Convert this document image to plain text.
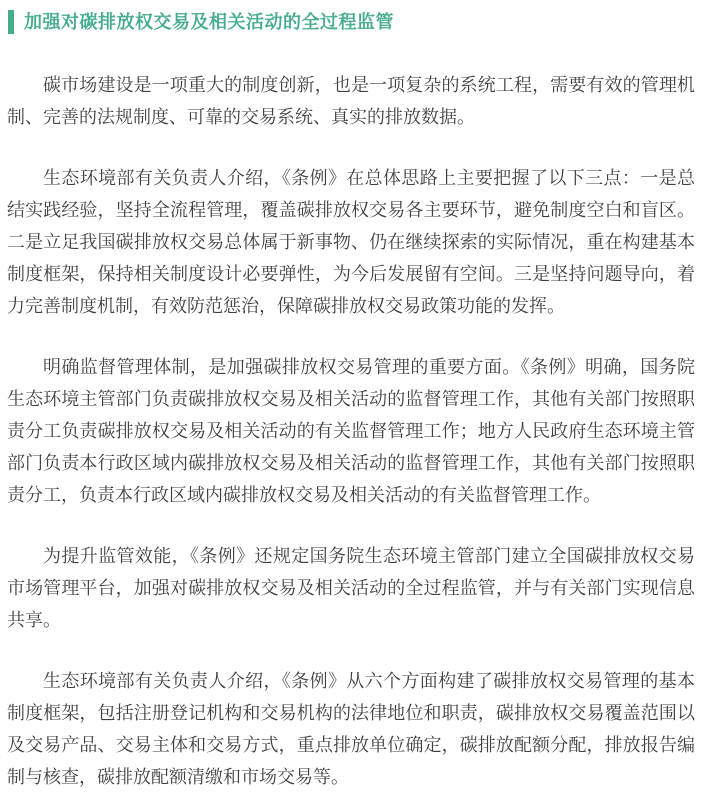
加强对碳排放权交易及相关活动的全过程监管

碳市场建设是一项重大的制度创新，也是一项复杂的系统工程，需要有效的管理机制、完善的法规制度、可靠的交易系统、真实的排放数据。

生态环境部有关负责人介绍，《条例》在总体思路上主要把握了以下三点：一是总结实践经验，坚持全流程管理，覆盖碳排放权交易各主要环节，避免制度空白和盲区。二是立足我国碳排放权交易总体属于新事物、仍在继续探索的实际情况，重在构建基本制度框架，保持相关制度设计必要弹性，为今后发展留有空间。三是坚持问题导向，着力完善制度机制，有效防范惩治，保障碳排放权交易政策功能的发挥。

明确监督管理体制，是加强碳排放权交易管理的重要方面。《条例》明确，国务院生态环境主管部门负责碳排放权交易及相关活动的监督管理工作，其他有关部门按照职责分工负责碳排放权交易及相关活动的有关监督管理工作；地方人民政府生态环境主管部门负责本行政区域内碳排放权交易及相关活动的监督管理工作，其他有关部门按照职责分工，负责本行政区域内碳排放权交易及相关活动的有关监督管理工作。

为提升监管效能，《条例》还规定国务院生态环境主管部门建立全国碳排放权交易市场管理平台，加强对碳排放权交易及相关活动的全过程监管，并与有关部门实现信息共享。

生态环境部有关负责人介绍，《条例》从六个方面构建了碳排放权交易管理的基本制度框架，包括注册登记机构和交易机构的法律地位和职责，碳排放权交易覆盖范围以及交易产品、交易主体和交易方式，重点排放单位确定，碳排放配额分配，排放报告编制与核查，碳排放配额清缴和市场交易等。
